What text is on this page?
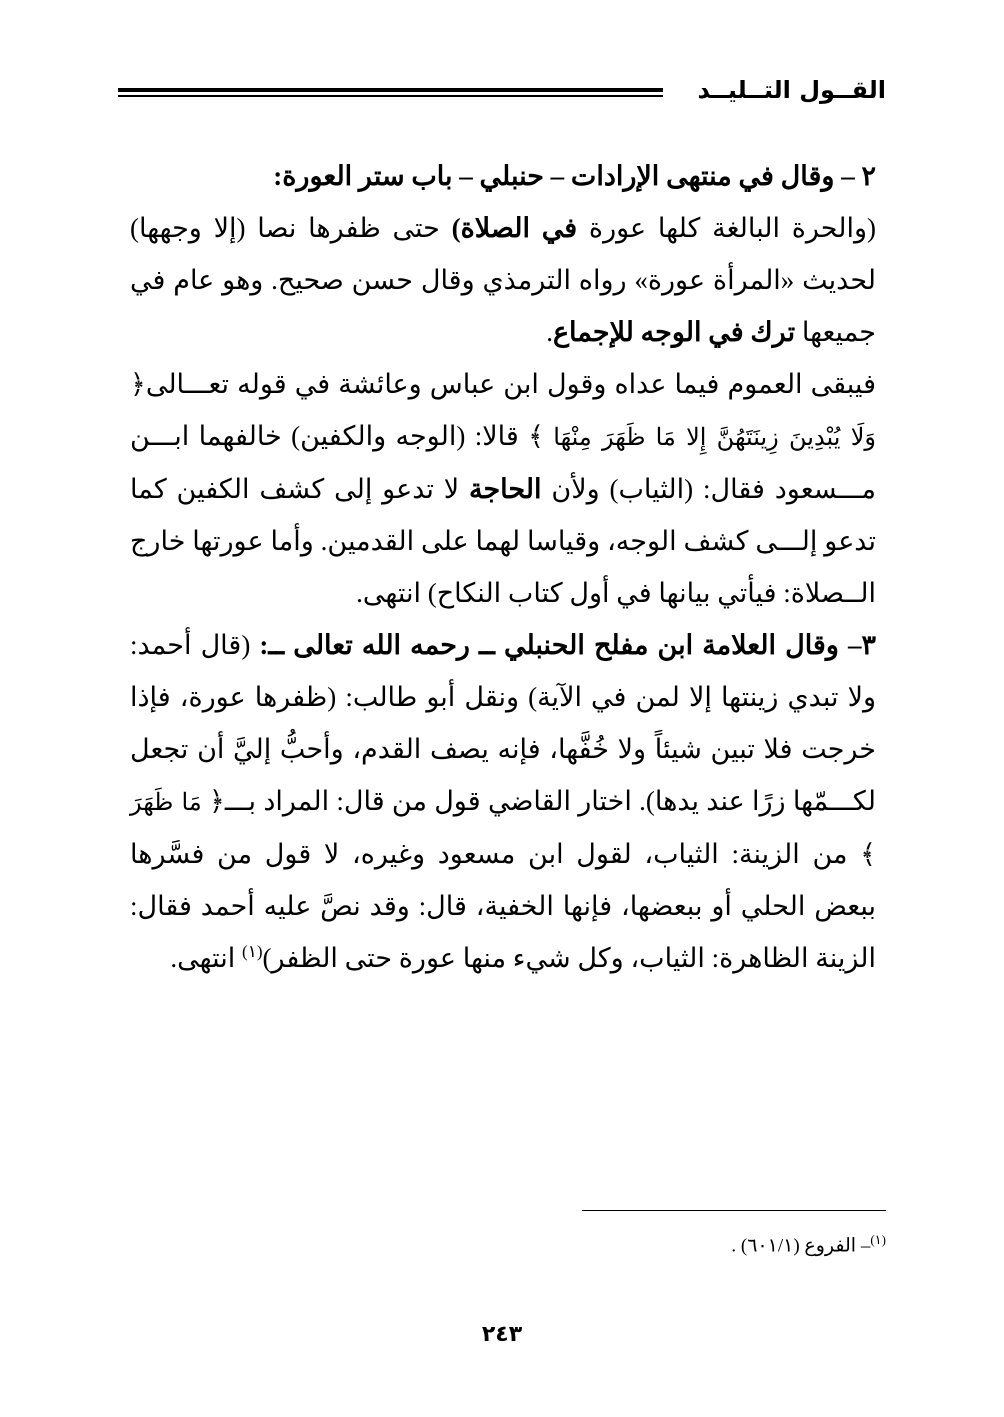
القــول التــليــد

٢ – وقال في منتهى الإرادات – حنبلي – باب ستر العورة:

(والحرة البالغة كلها عورة في الصلاة) حتى ظفرها نصا (إلا وجهها) لحديث «المرأة عورة» رواه الترمذي وقال حسن صحيح. وهو عام في جميعها ترك في الوجه للإجماع.

فيبقى العموم فيما عداه وقول ابن عباس وعائشة في قوله تعـــالى﴿ وَلَا يُبْدِينَ زِينَتَهُنَّ إِلا مَا ظَهَرَ مِنْهَا ﴾ قالا: (الوجه والكفين) خالفهما ابـــن مـــسعود فقال: (الثياب) ولأن الحاجة لا تدعو إلى كشف الكفين كما تدعو إلـــى كشف الوجه، وقياسا لهما على القدمين. وأما عورتها خارج الــصلاة: فيأتي بيانها في أول كتاب النكاح) انتهى.

٣– وقال العلامة ابن مفلح الحنبلي ــ رحمه الله تعالى ــ: (قال أحمد: ولا تبدي زينتها إلا لمن في الآية) ونقل أبو طالب: (ظفرها عورة، فإذا خرجت فلا تبين شيئاً ولا خُفَّها، فإنه يصف القدم، وأحبُّ إليَّ أن تجعل لكـــمّها زرًا عند يدها). اختار القاضي قول من قال: المراد بـــ﴿ مَا ظَهَرَ ﴾ من الزينة: الثياب، لقول ابن مسعود وغيره، لا قول من فسَّرها ببعض الحلي أو ببعضها، فإنها الخفية، قال: وقد نصَّ عليه أحمد فقال: الزينة الظاهرة: الثياب، وكل شيء منها عورة حتى الظفر)$^{(١)}$ انتهى.

$^{(١)}$– الفروع (٦٠١/١) .
٢٤٣
